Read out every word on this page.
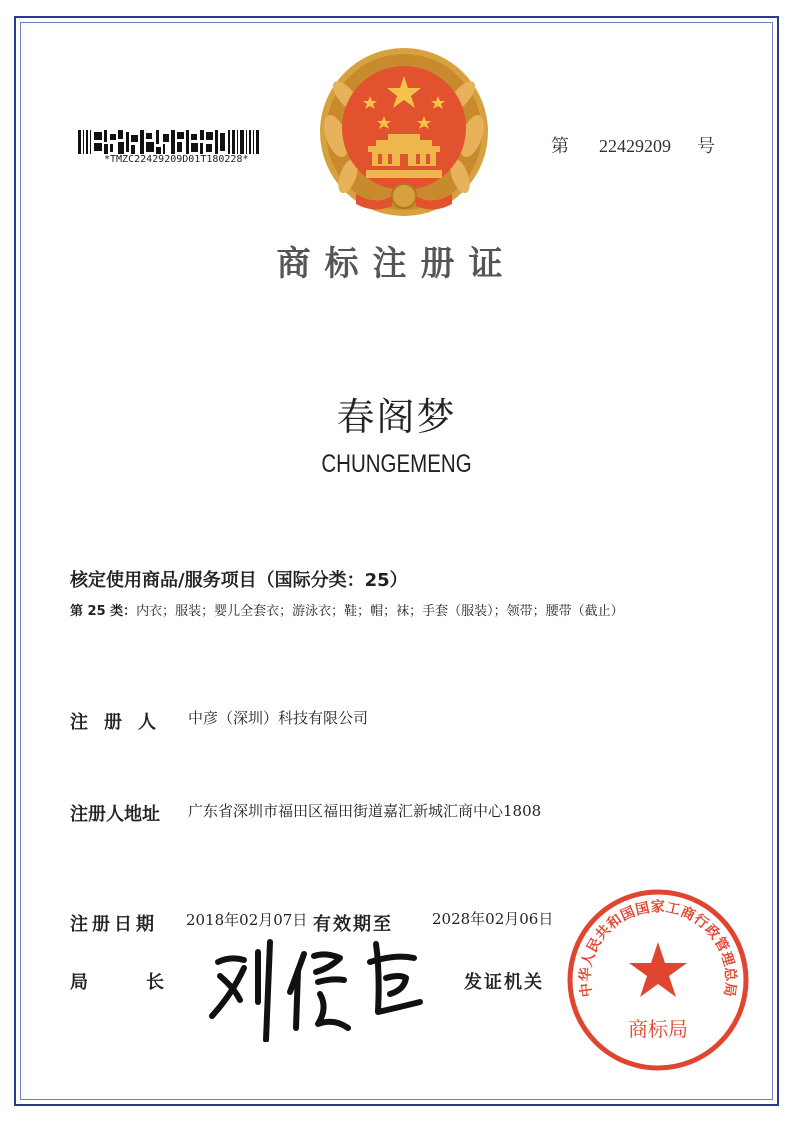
*TMZC22429209D01T180228*
第 22429209 号
商标注册证
春阁梦
CHUNGEMENG
核定使用商品/服务项目（国际分类：25）
第 25 类：内衣；服装；婴儿全套衣；游泳衣；鞋；帽；袜；手套（服装）；领带；腰带（截止）
注册人 中彦（深圳）科技有限公司
注册人地址 广东省深圳市福田区福田街道嘉汇新城汇商中心1808
注册日期 2018年02月07日 有效期至	2028年02月06日
局	长	发证机关 中华人民共和国国家工商行政管理总局
商标局
